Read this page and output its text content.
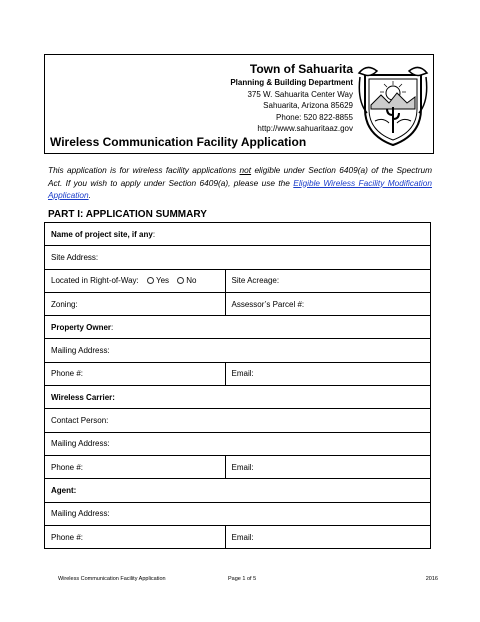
Town of Sahuarita
Planning & Building Department
375 W. Sahuarita Center Way
Sahuarita, Arizona 85629
Phone: 520 822-8855
http://www.sahuaritaaz.gov
Wireless Communication Facility Application

This application is for wireless facility applications not eligible under Section 6409(a) of the Spectrum Act. If you wish to apply under Section 6409(a), please use the Eligible Wireless Facility Modification Application.

PART I: APPLICATION SUMMARY
Name of project site, if any:	
Site Address:	
Located in Right-of-Way: Yes No	Site Acreage:
Zoning:	Assessor’s Parcel #:
Property Owner:	
Mailing Address:	
Phone #:	Email:
Wireless Carrier:	
Contact Person:	
Mailing Address:	
Phone #:	Email:
Agent:	
Mailing Address:	
Phone #:	Email:
Wireless Communication Facility Application	Page 1 of 5	2016
